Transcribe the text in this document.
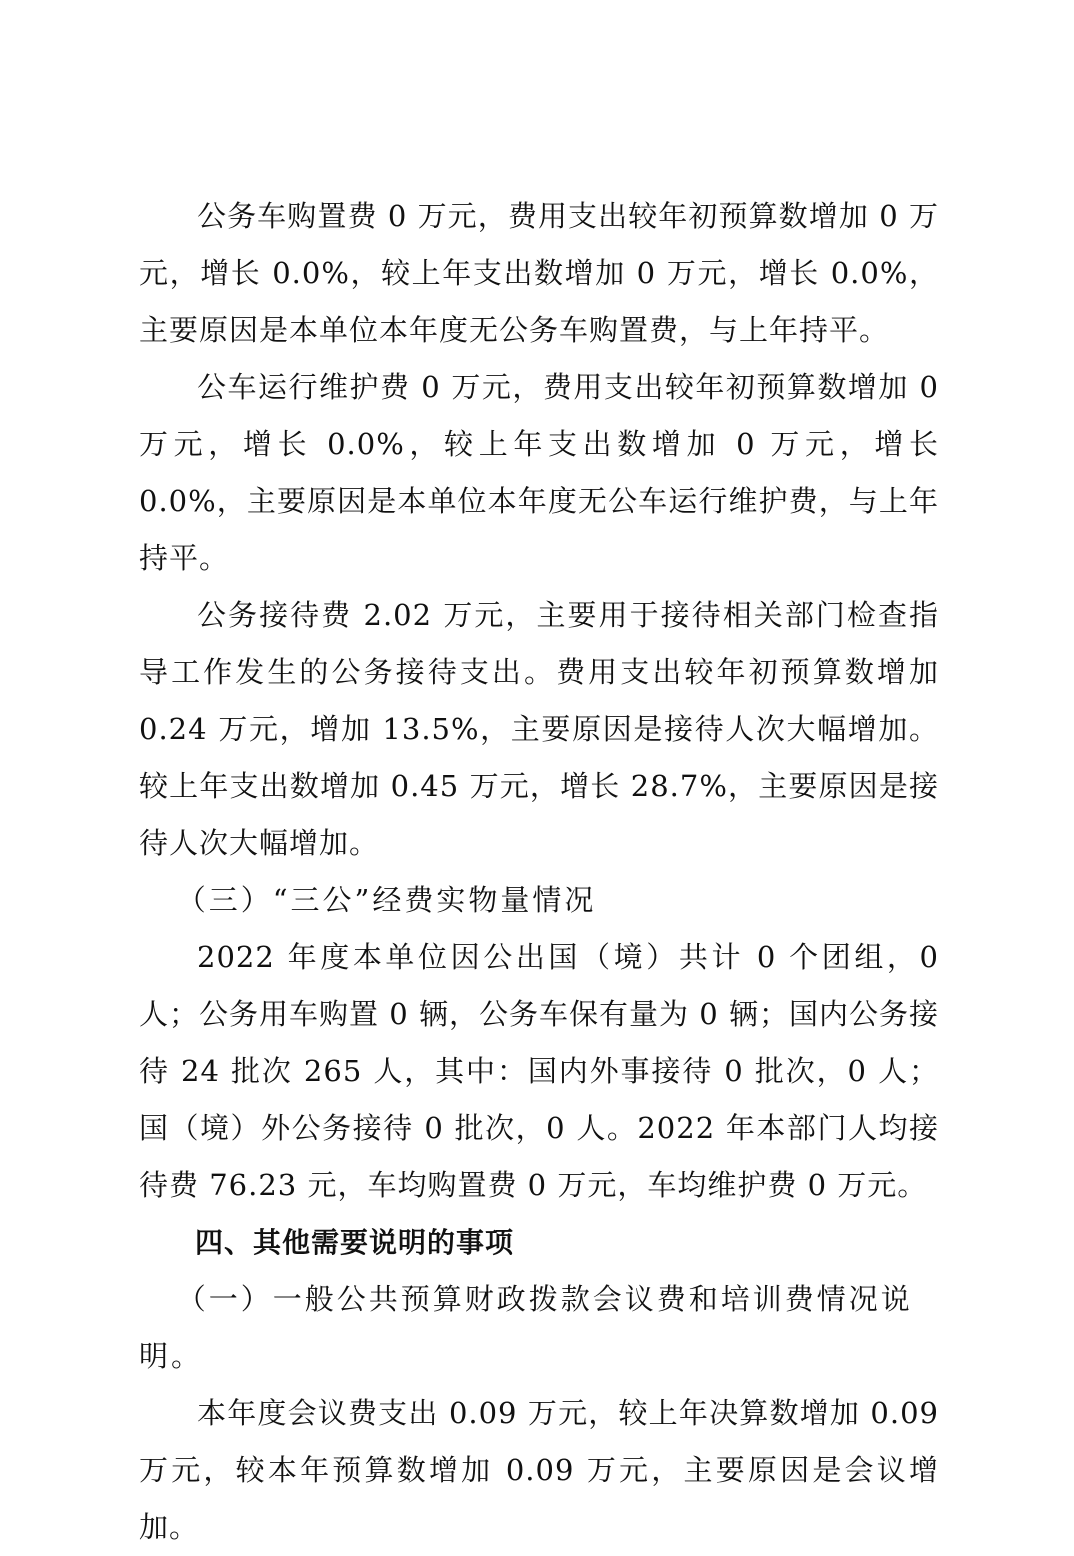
公务车购置费 0 万元，费用支出较年初预算数增加 0 万元，增长 0.0%，较上年支出数增加 0 万元，增长 0.0%，主要原因是本单位本年度无公务车购置费，与上年持平。

公车运行维护费 0 万元，费用支出较年初预算数增加 0 万元，增长 0.0%，较上年支出数增加 0 万元，增长 0.0%，主要原因是本单位本年度无公车运行维护费，与上年持平。

公务接待费 2.02 万元，主要用于接待相关部门检查指导工作发生的公务接待支出。费用支出较年初预算数增加 0.24 万元，增加 13.5%，主要原因是接待人次大幅增加。较上年支出数增加 0.45 万元，增长 28.7%，主要原因是接待人次大幅增加。

（三）“三公”经费实物量情况

2022 年度本单位因公出国（境）共计 0 个团组，0 人；公务用车购置 0 辆，公务车保有量为 0 辆；国内公务接待 24 批次 265 人，其中：国内外事接待 0 批次，0 人；国（境）外公务接待 0 批次，0 人。2022 年本部门人均接待费 76.23 元，车均购置费 0 万元，车均维护费 0 万元。

四、其他需要说明的事项

（一）一般公共预算财政拨款会议费和培训费情况说明。

本年度会议费支出 0.09 万元，较上年决算数增加 0.09 万元，较本年预算数增加 0.09 万元，主要原因是会议增加。
